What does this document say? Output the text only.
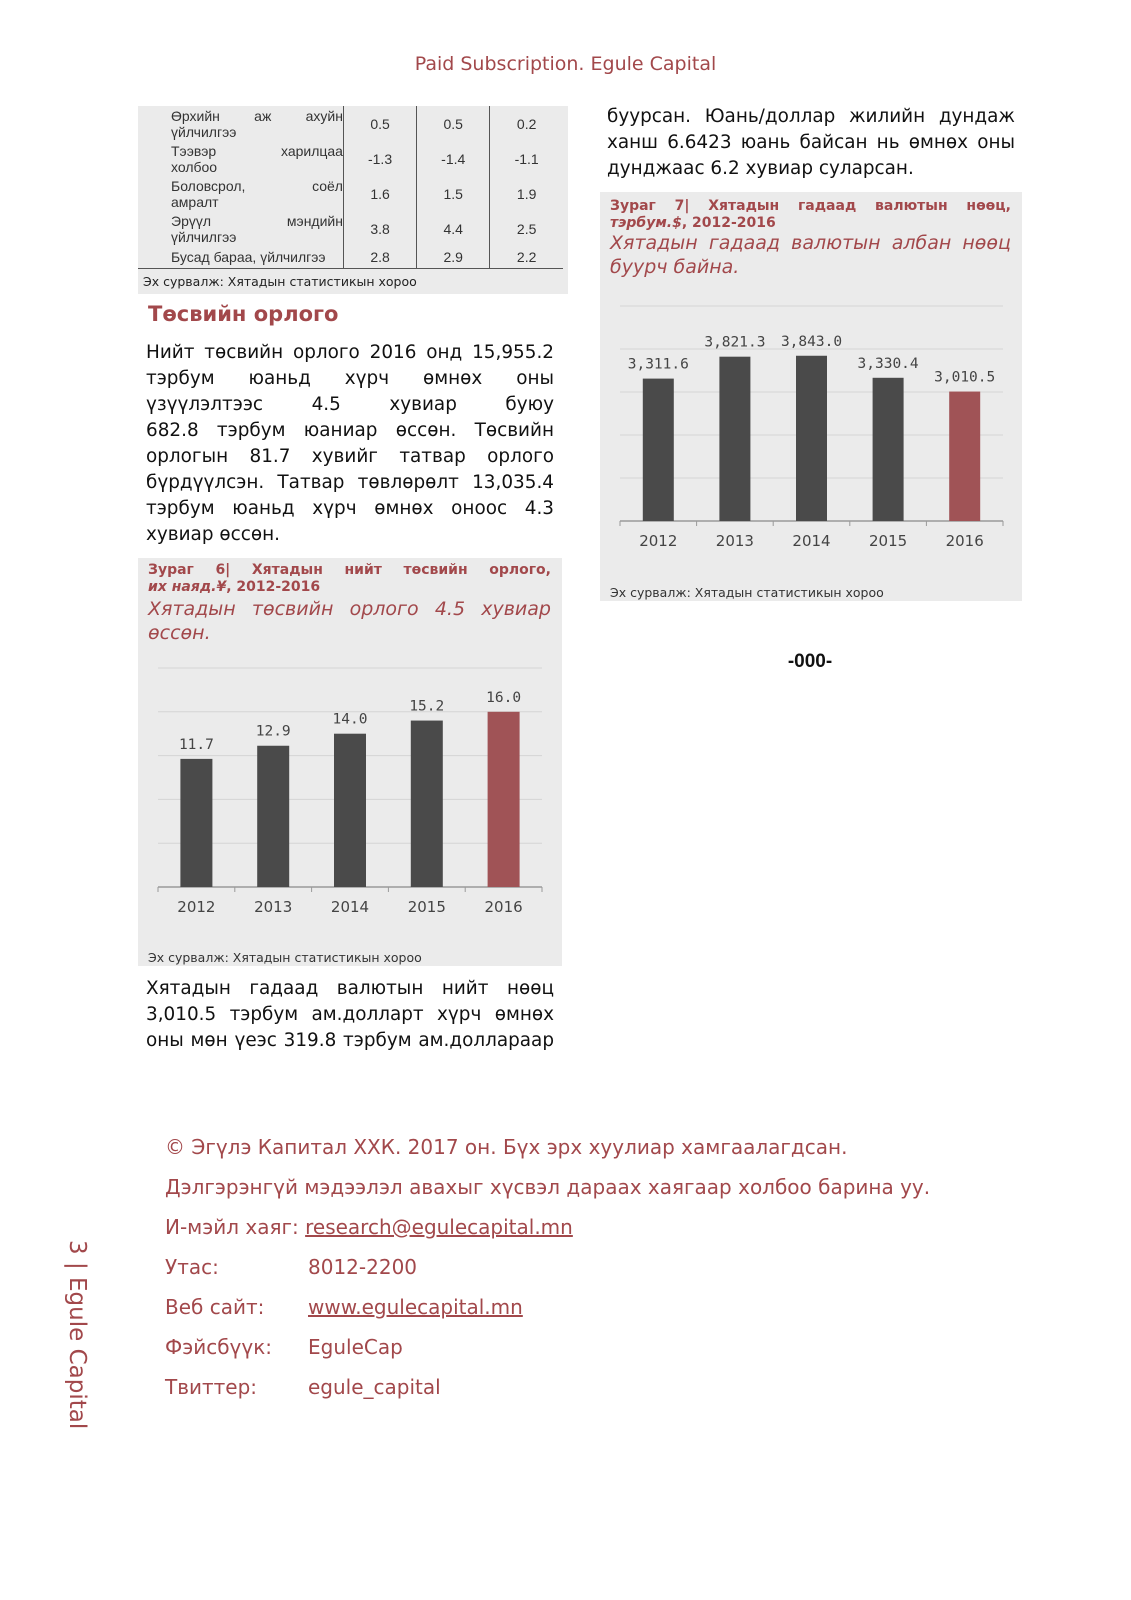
Paid Subscription. Egule Capital
Өрхийн аж ахуйн
үйлчилгээ	0.5	0.5	0.2

Тээвэр харилцаа
холбоо	-1.3	-1.4	-1.1

Боловсрол, соёл
амралт	1.6	1.5	1.9

Эрүүл мэндийн
үйлчилгээ	3.8	4.4	2.5

Бусад бараа, үйлчилгээ	2.8	2.9	2.2
Эх сурвалж: Хятадын статистикын хороо
Төсвийн орлого
Нийт төсвийн орлого 2016 онд 15,955.2
тэрбум юаньд хүрч өмнөх оны
үзүүлэлтээс 4.5 хувиар буюу
682.8 тэрбум юаниар өссөн. Төсвийн
орлогын 81.7 хувийг татвар орлого
бүрдүүлсэн. Татвар төвлөрөлт 13,035.4
тэрбум юаньд хүрч өмнөх оноос 4.3
хувиар өссөн.
Зураг 6| Хятадын нийт төсвийн орлого,
их наяд.¥, 2012-2016
Хятадын төсвийн орлого 4.5 хувиар
өссөн.
11.7
2012
12.9
2013
14.0
2014
15.2
2015
16.0
2016
Эх сурвалж: Хятадын статистикын хороо
Хятадын гадаад валютын нийт нөөц
3,010.5 тэрбум ам.долларт хүрч өмнөх
оны мөн үеэс 319.8 тэрбум ам.доллараар
буурсан. Юань/доллар жилийн дундаж
ханш 6.6423 юань байсан нь өмнөх оны
дунджаас 6.2 хувиар суларсан.
Зураг 7| Хятадын гадаад валютын нөөц,
тэрбум.$, 2012-2016
Хятадын гадаад валютын албан нөөц
буурч байна.
3,311.6
2012
3,821.3
2013
3,843.0
2014
3,330.4
2015
3,010.5
2016
Эх сурвалж: Хятадын статистикын хороо
-000-
© Эгүлэ Капитал ХХК. 2017 он. Бүх эрх хуулиар хамгаалагдсан.
Дэлгэрэнгүй мэдээлэл авахыг хүсвэл дараах хаягаар холбоо барина уу.
И-мэйл хаяг: research@egulecapital.mn
Утас:	8012-2200
Веб сайт: www.egulecapital.mn
Фэйсбүүк: EguleCap
Твиттер:	egule_capital
3 | Egule Capital
